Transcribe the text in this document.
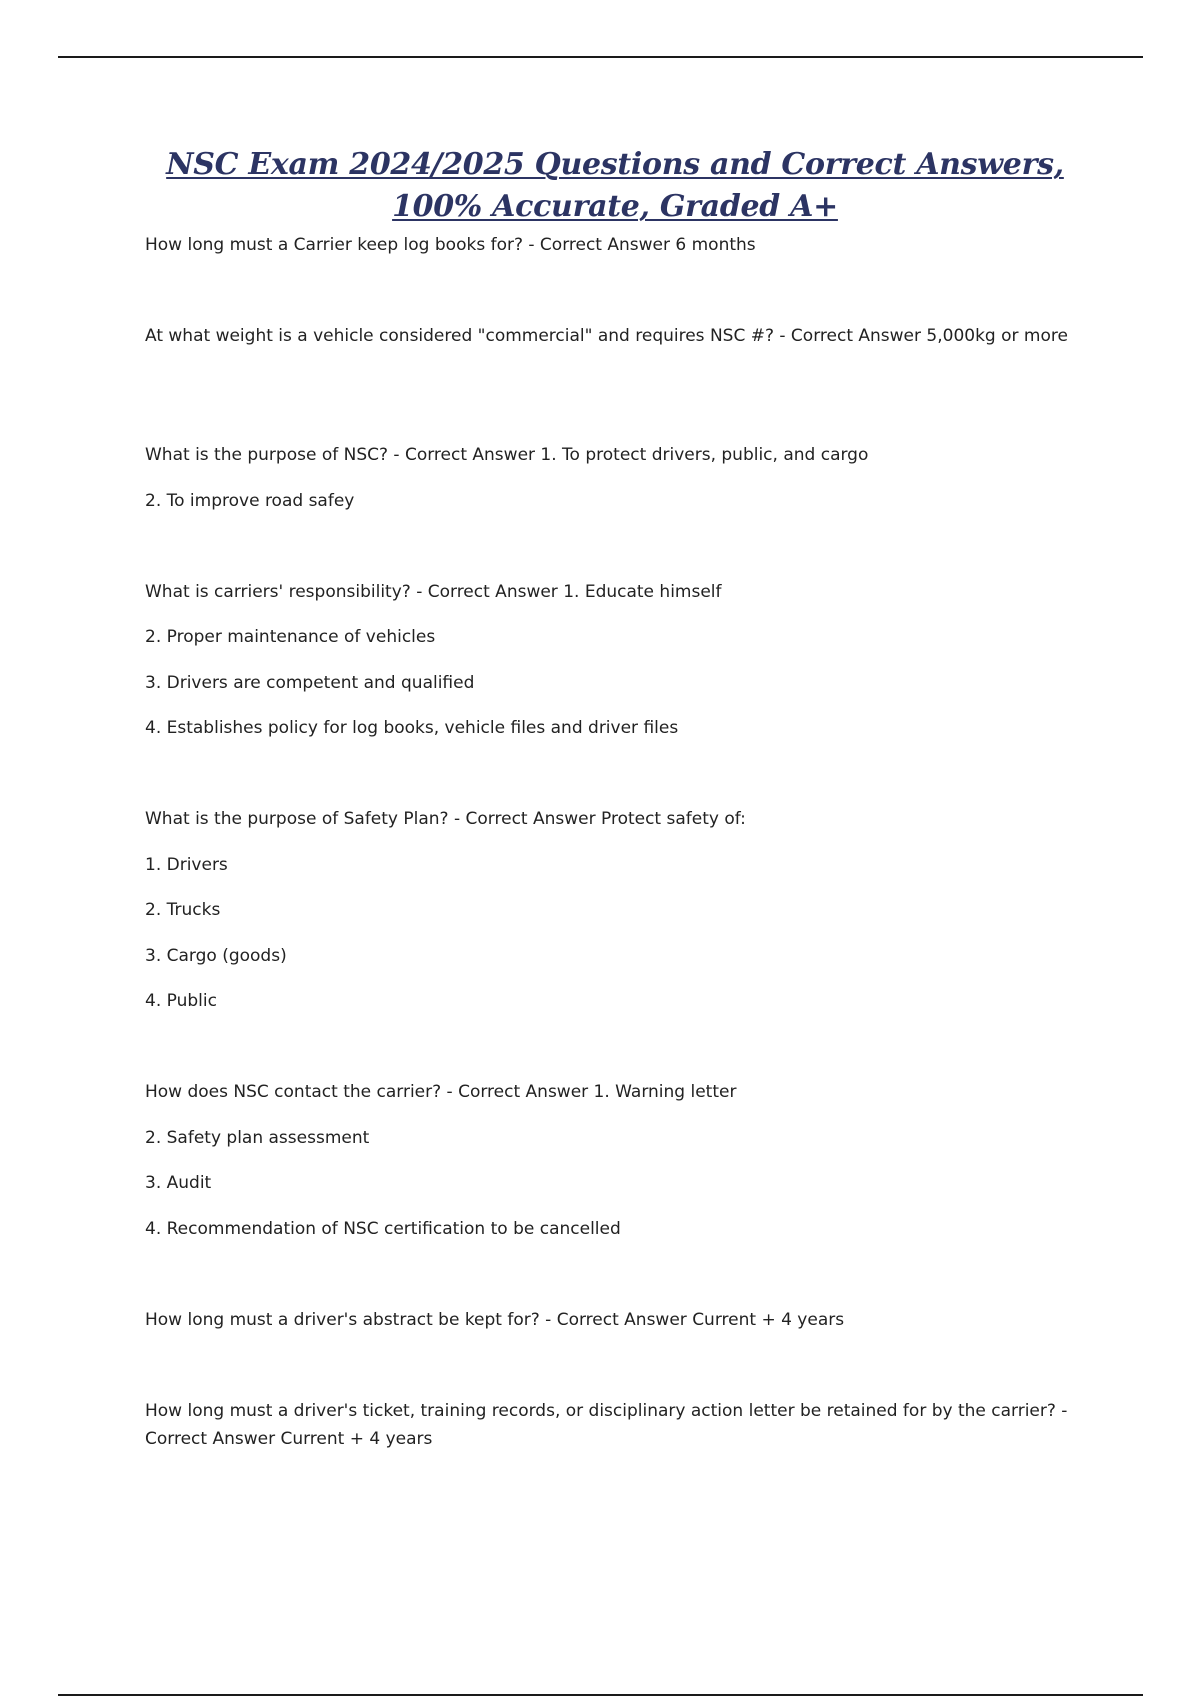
NSC Exam 2024/2025 Questions and Correct Answers,
100% Accurate, Graded A+
How long must a Carrier keep log books for? - Correct Answer 6 months
At what weight is a vehicle considered "commercial" and requires NSC #? - Correct Answer 5,000kg or more
What is the purpose of NSC? - Correct Answer 1. To protect drivers, public, and cargo
2. To improve road safey
What is carriers' responsibility? - Correct Answer 1. Educate himself
2. Proper maintenance of vehicles
3. Drivers are competent and qualified
4. Establishes policy for log books, vehicle files and driver files
What is the purpose of Safety Plan? - Correct Answer Protect safety of:
1. Drivers
2. Trucks
3. Cargo (goods)
4. Public
How does NSC contact the carrier? - Correct Answer 1. Warning letter
2. Safety plan assessment
3. Audit
4. Recommendation of NSC certification to be cancelled
How long must a driver's abstract be kept for? - Correct Answer Current + 4 years
How long must a driver's ticket, training records, or disciplinary action letter be retained for by the carrier? - Correct Answer Current + 4 years
